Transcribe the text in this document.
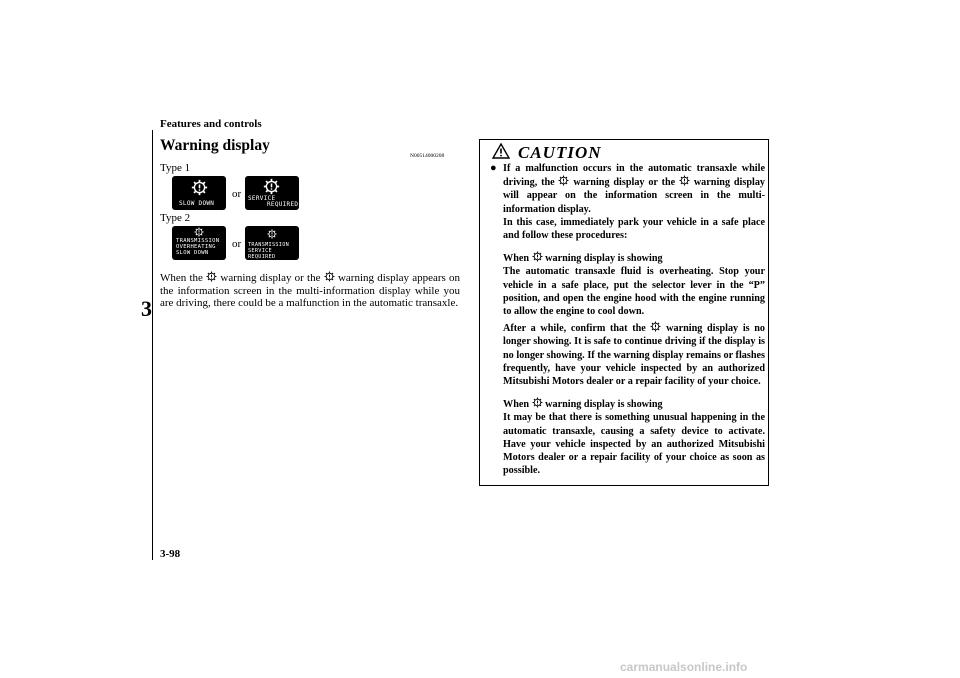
Features and controls
3
Warning display
N00514000208
Type 1
SLOW DOWN
or SERVICE
REQUIRED
Type 2
TRANSMISSION
OVERHEATING
SLOW DOWN
or TRANSMISSION
SERVICE REQUIRED
When the warning display or the warning display appears on the information screen in the multi-information display while you are driving, there could be a malfunction in the automatic transaxle.
CAUTION
● If a malfunction occurs in the automatic transaxle while driving, the warning display or the warning display will appear on the information screen in the multi-information display.

In this case, immediately park your vehicle in a safe place and follow these procedures:

When warning display is showing

The automatic transaxle fluid is overheating. Stop your vehicle in a safe place, put the selector lever in the “P” position, and open the engine hood with the engine running to allow the engine to cool down.

After a while, confirm that the warning display is no longer showing. It is safe to continue driving if the display is no longer showing. If the warning display remains or flashes frequently, have your vehicle inspected by an authorized Mitsubishi Motors dealer or a repair facility of your choice.

When warning display is showing

It may be that there is something unusual happening in the automatic transaxle, causing a safety device to activate. Have your vehicle inspected by an authorized Mitsubishi Motors dealer or a repair facility of your choice as soon as possible.

3-98
carmanualsonline.info
